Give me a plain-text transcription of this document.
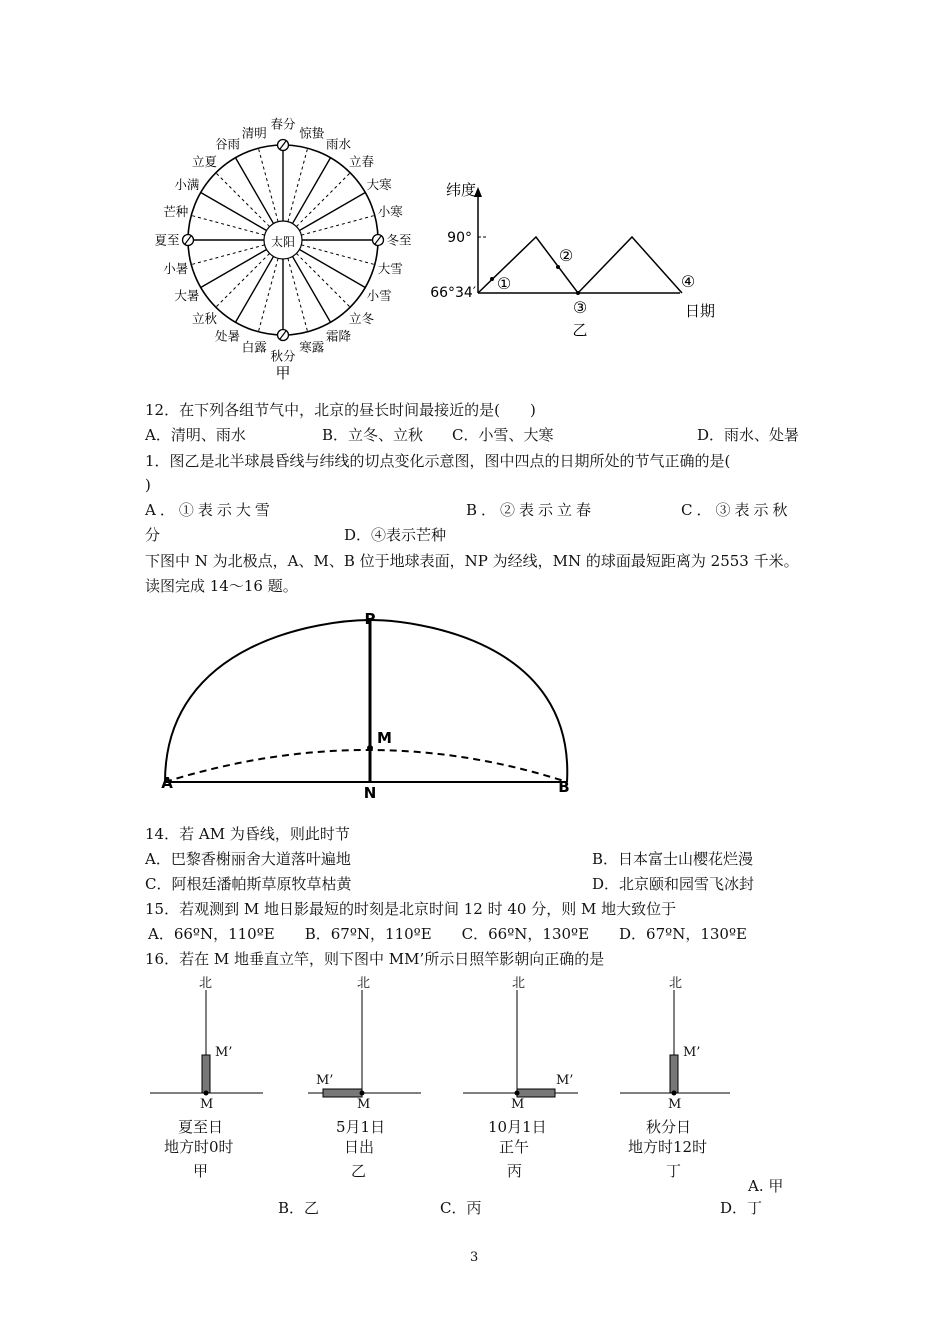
春分
惊蛰
雨水
立春
大寒
小寒
冬至
大雪
小雪
立冬
霜降
寒露
秋分
白露
处暑
立秋
大暑
小暑
夏至
芒种
小满
立夏
谷雨
清明
太阳
甲
纬度
90°
66°34′ ①
②
③
④
日期
乙
12．在下列各组节气中，北京的昼长时间最接近的是(　　)
A．清明、雨水	B．立冬、立秋 C．小雪、大寒	D．雨水、处暑
1．图乙是北半球晨昏线与纬线的切点变化示意图，图中四点的日期所处的节气正确的是(
)
A．①表示大雪	B．②表示立春	C．③表示秋
分	D．④表示芒种
下图中 N 为北极点，A、M、B 位于地球表面，NP 为经线，MN 的球面最短距离为 2553 千米。
读图完成 14～16 题。
P
M
A
N	B
14．若 AM 为昏线，则此时节
A．巴黎香榭丽舍大道落叶遍地	B．日本富士山樱花烂漫
C．阿根廷潘帕斯草原牧草枯黄	D．北京颐和园雪飞冰封
15．若观测到 M 地日影最短的时刻是北京时间 12 时 40 分，则 M 地大致位于
A．66ºN，110ºE　　B．67ºN，110ºE　　C．66ºN，130ºE　　D．67ºN，130ºE
16．若在 M 地垂直立竿，则下图中 MM’所示日照竿影朝向正确的是
北
M’
M
夏至日
地方时0时
甲
北
M’
M
5月1日
日出
乙
北
M’
M
10月1日
正午
丙
北
M’
M
秋分日
地方时12时
丁
A. 甲
B．乙	C．丙	D．丁
3
